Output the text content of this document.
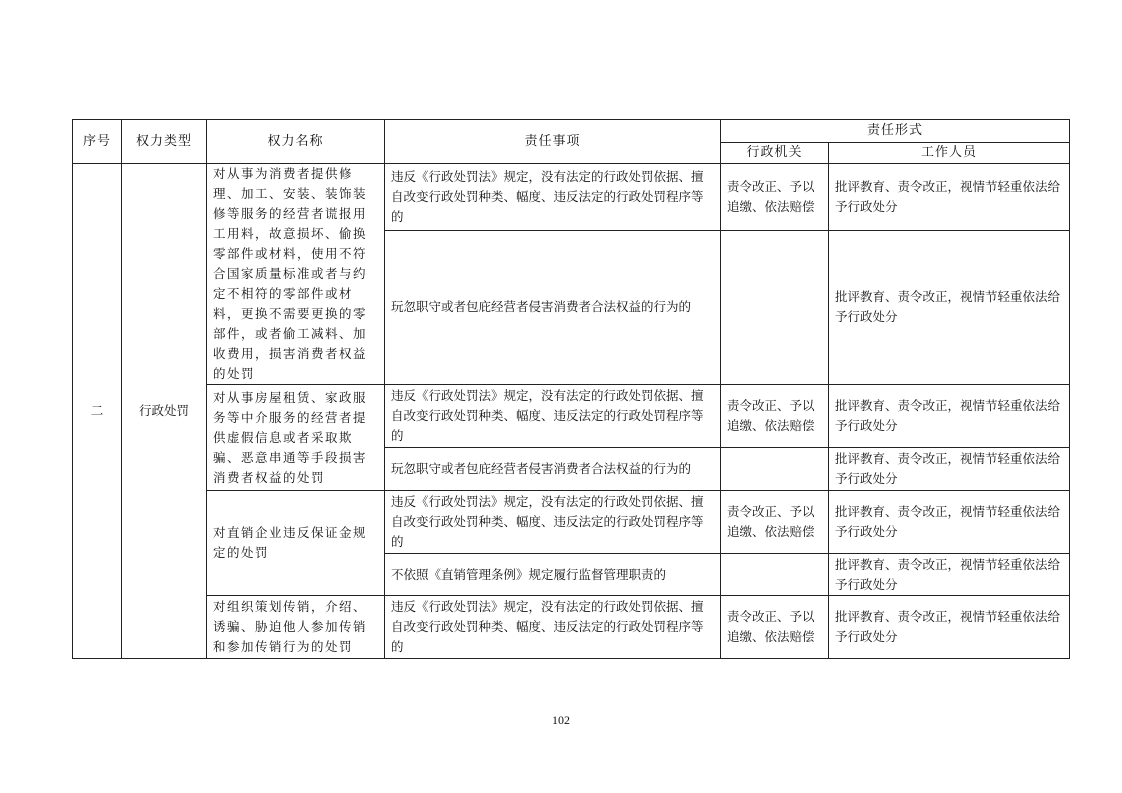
序号	权力类型	权力名称	责任事项	责任形式	
				行政机关	工作人员
二	行政处罚	对从事为消费者提供修理、加工、安装、装饰装修等服务的经营者谎报用工用料，故意损坏、偷换零部件或材料，使用不符合国家质量标准或者与约定不相符的零部件或材料，更换不需要更换的零部件，或者偷工减料、加收费用，损害消费者权益的处罚	违反《行政处罚法》规定，没有法定的行政处罚依据、擅自改变行政处罚种类、幅度、违反法定的行政处罚程序等的	责令改正、予以追缴、依法赔偿	批评教育、责令改正，视情节轻重依法给予行政处分
			玩忽职守或者包庇经营者侵害消费者合法权益的行为的		批评教育、责令改正，视情节轻重依法给予行政处分
		对从事房屋租赁、家政服务等中介服务的经营者提供虚假信息或者采取欺骗、恶意串通等手段损害消费者权益的处罚	违反《行政处罚法》规定，没有法定的行政处罚依据、擅自改变行政处罚种类、幅度、违反法定的行政处罚程序等的	责令改正、予以追缴、依法赔偿	批评教育、责令改正，视情节轻重依法给予行政处分
			玩忽职守或者包庇经营者侵害消费者合法权益的行为的		批评教育、责令改正，视情节轻重依法给予行政处分
		对直销企业违反保证金规定的处罚	违反《行政处罚法》规定，没有法定的行政处罚依据、擅自改变行政处罚种类、幅度、违反法定的行政处罚程序等的	责令改正、予以追缴、依法赔偿	批评教育、责令改正，视情节轻重依法给予行政处分
			不依照《直销管理条例》规定履行监督管理职责的		批评教育、责令改正，视情节轻重依法给予行政处分
		对组织策划传销，介绍、诱骗、胁迫他人参加传销和参加传销行为的处罚	违反《行政处罚法》规定，没有法定的行政处罚依据、擅自改变行政处罚种类、幅度、违反法定的行政处罚程序等的	责令改正、予以追缴、依法赔偿	批评教育、责令改正，视情节轻重依法给予行政处分
102
